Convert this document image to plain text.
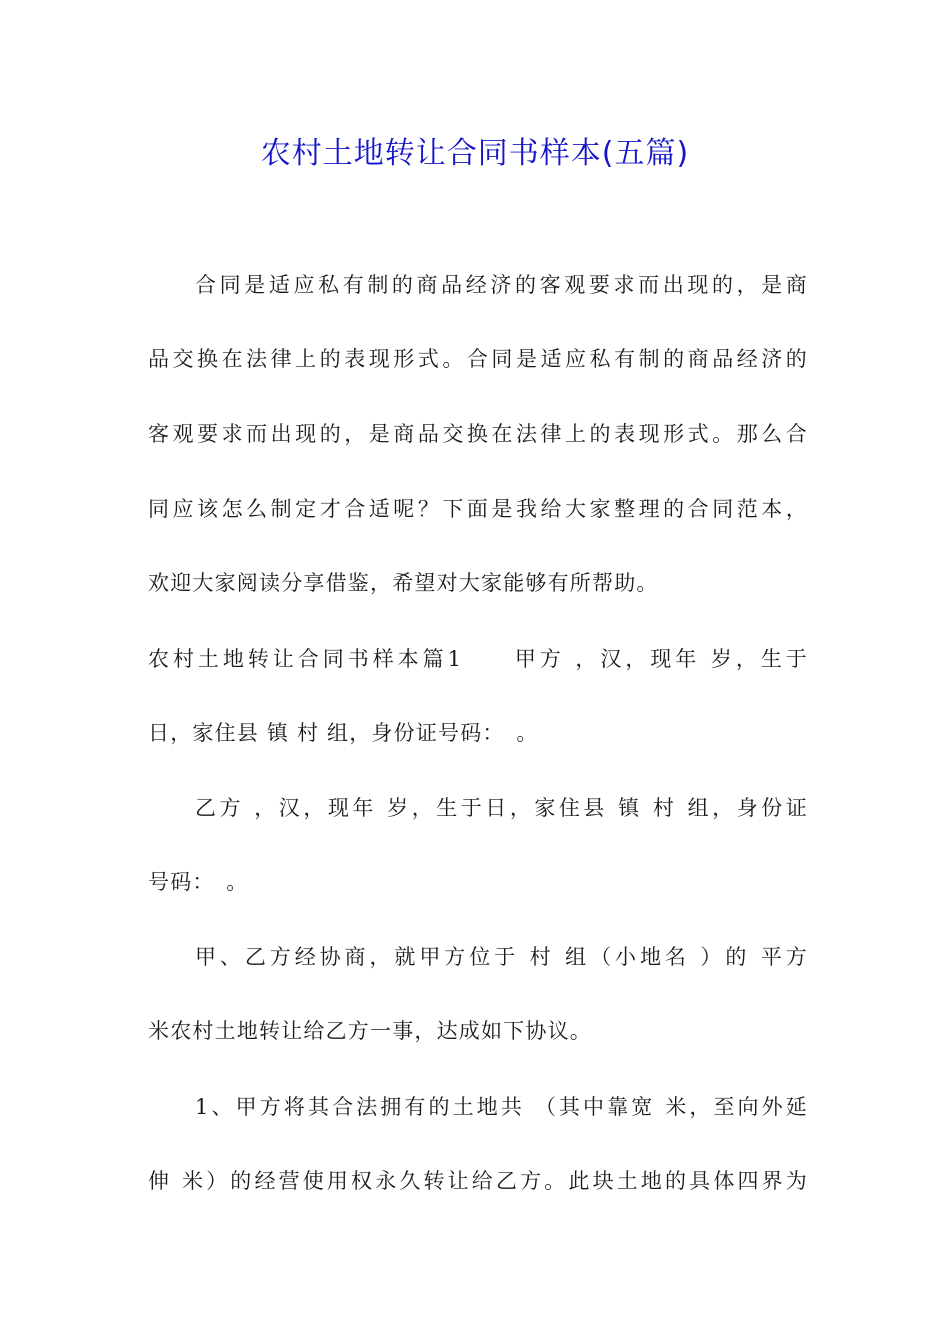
农村土地转让合同书样本(五篇)
合同是适应私有制的商品经济的客观要求而出现的，是商
品交换在法律上的表现形式。合同是适应私有制的商品经济的
客观要求而出现的，是商品交换在法律上的表现形式。那么合
同应该怎么制定才合适呢？下面是我给大家整理的合同范本，
欢迎大家阅读分享借鉴，希望对大家能够有所帮助。
农村土地转让合同书样本篇1　　甲方 ，汉，现年 岁，生于
日，家住县 镇 村 组，身份证号码：　。
乙方 ，汉，现年 岁，生于日，家住县 镇 村 组，身份证
号码：　。
甲、乙方经协商，就甲方位于 村 组（小地名 ）的 平方
米农村土地转让给乙方一事，达成如下协议。
1、甲方将其合法拥有的土地共 （其中靠宽 米，至向外延
伸 米）的经营使用权永久转让给乙方。此块土地的具体四界为
